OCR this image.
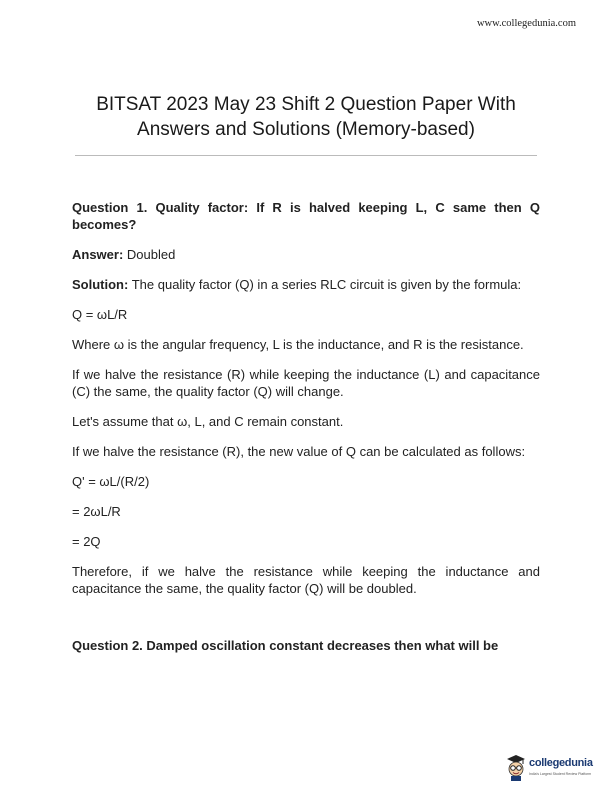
www.collegedunia.com
BITSAT 2023 May 23 Shift 2 Question Paper With
Answers and Solutions (Memory-based)

Question 1. Quality factor: If R is halved keeping L, C same then Q becomes?

Answer: Doubled

Solution: The quality factor (Q) in a series RLC circuit is given by the formula:

Q = ωL/R

Where ω is the angular frequency, L is the inductance, and R is the resistance.

If we halve the resistance (R) while keeping the inductance (L) and capacitance (C) the same, the quality factor (Q) will change.

Let's assume that ω, L, and C remain constant.

If we halve the resistance (R), the new value of Q can be calculated as follows:

Q' = ωL/(R/2)

= 2ωL/R

= 2Q

Therefore, if we halve the resistance while keeping the inductance and capacitance the same, the quality factor (Q) will be doubled.

Question 2. Damped oscillation constant decreases then what will be

collegedunia
India's Largest Student Review Platform
